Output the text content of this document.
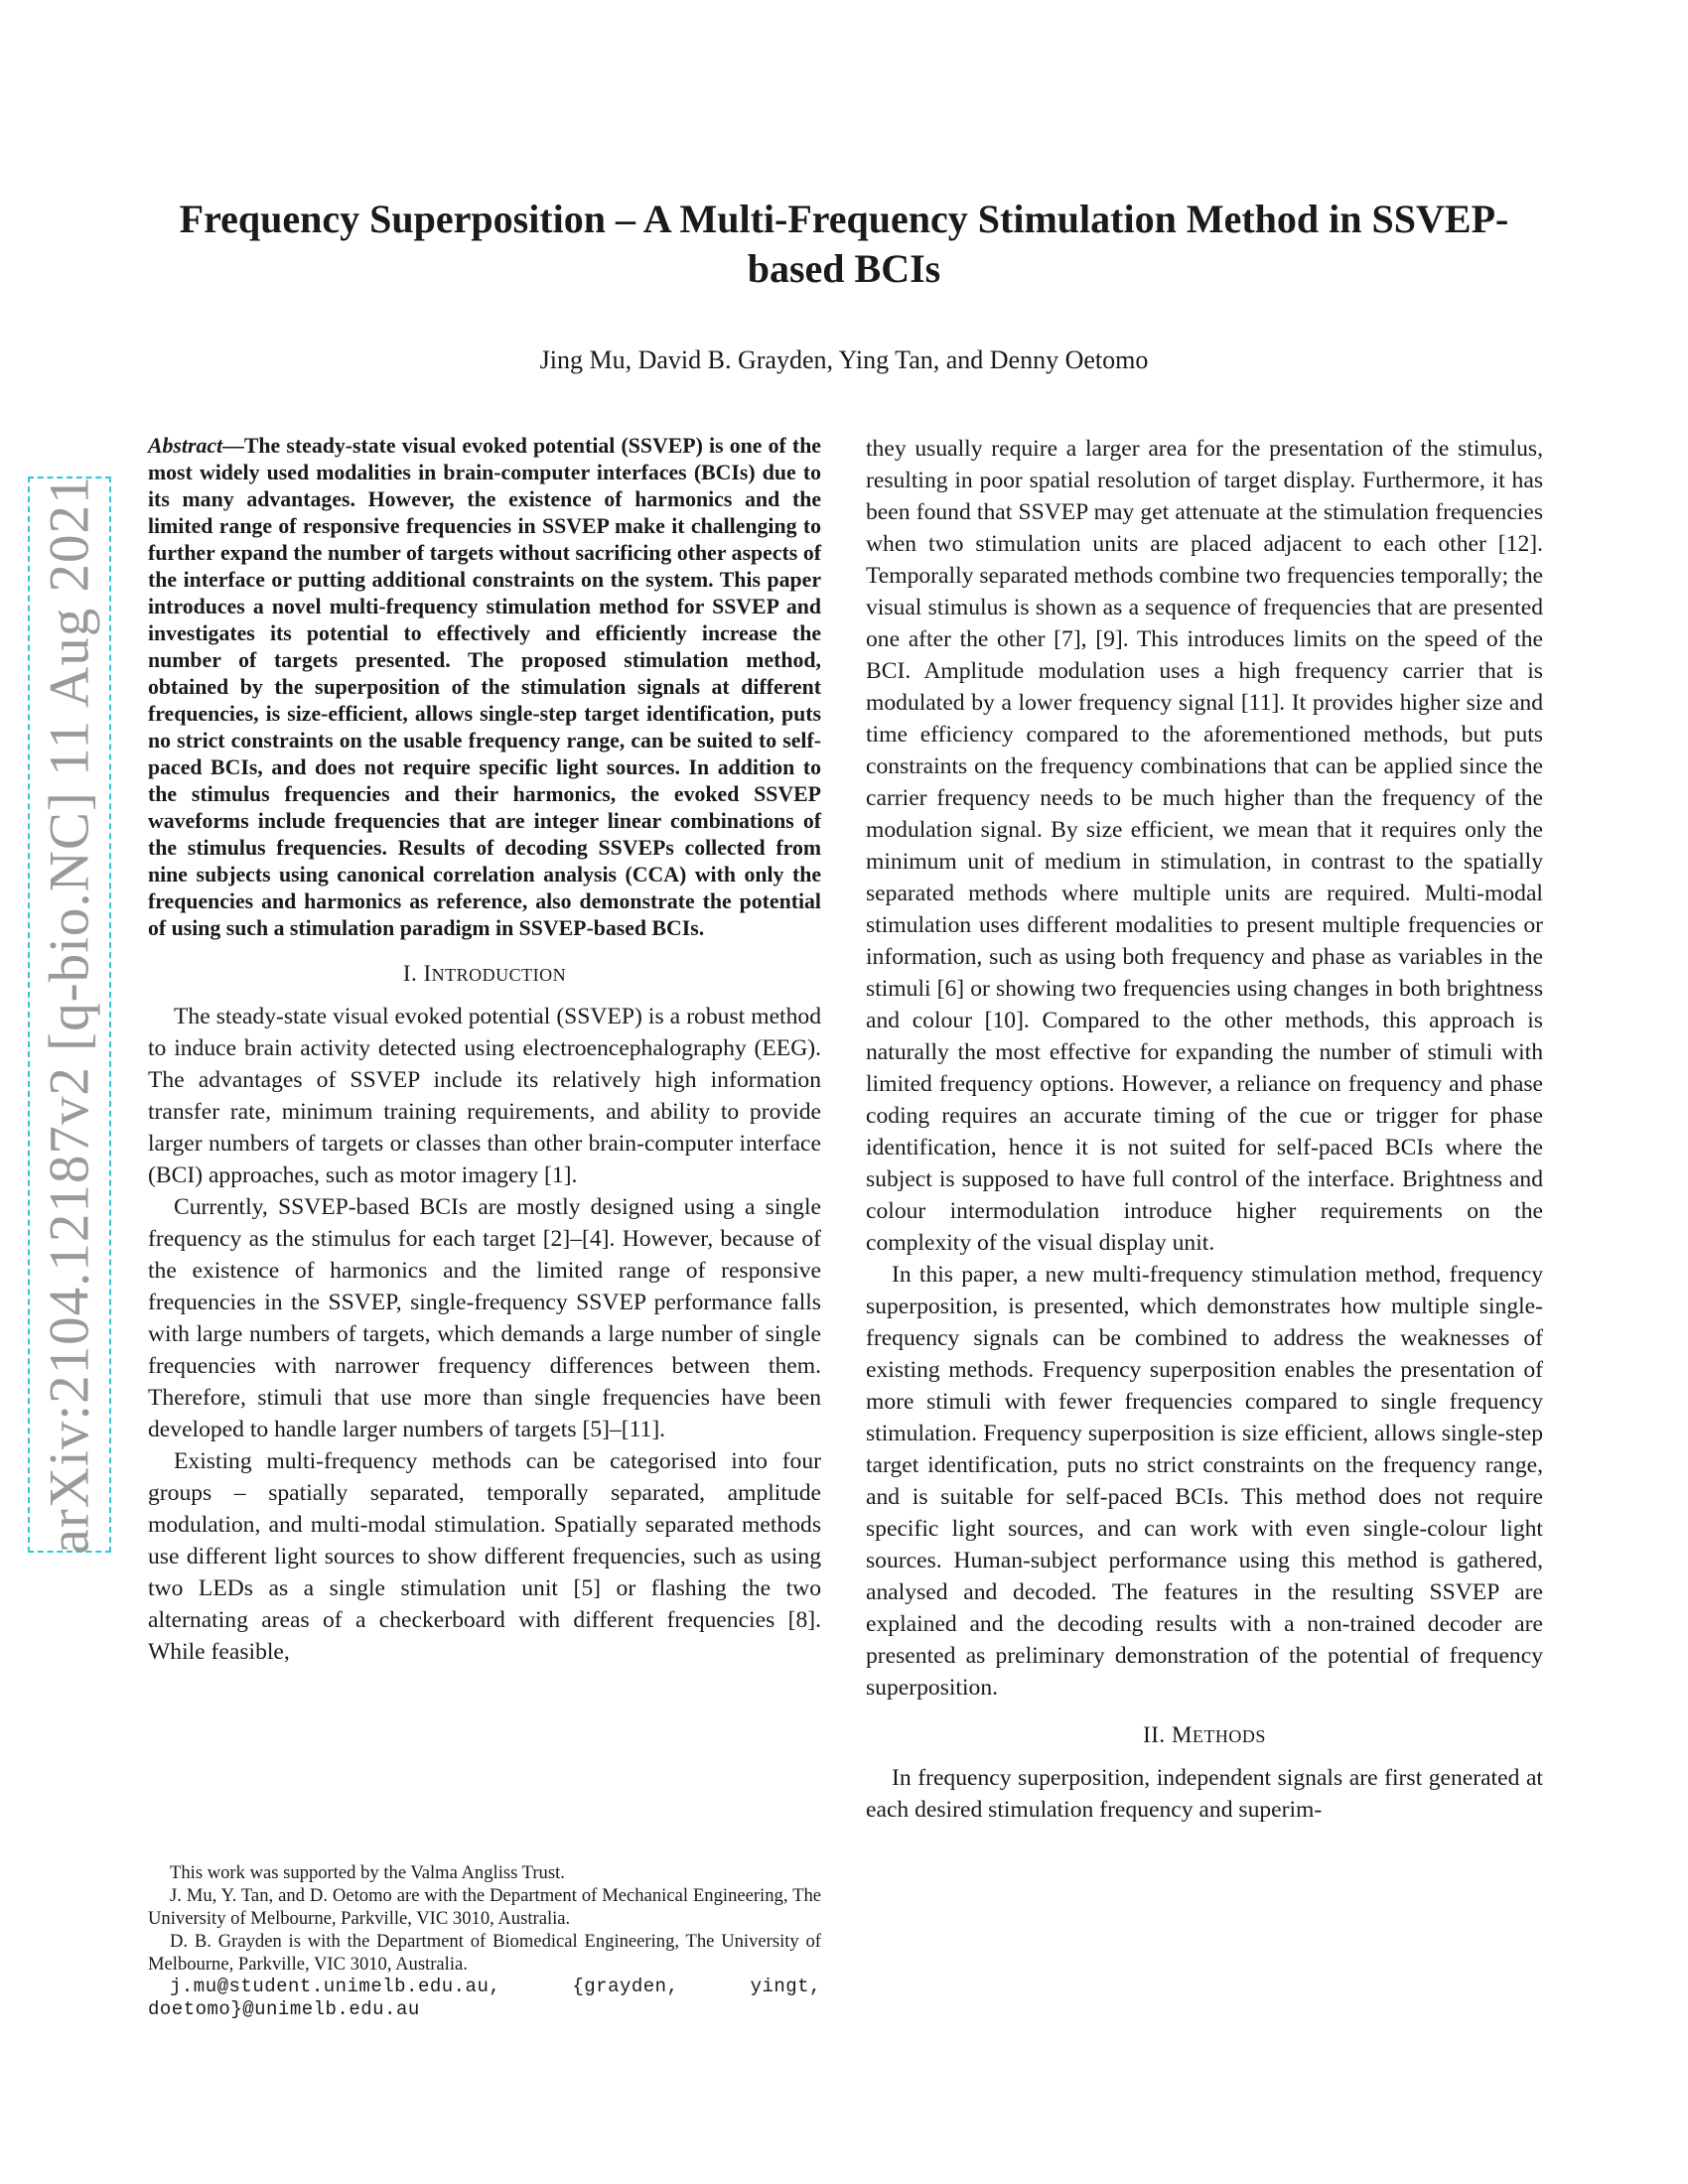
Frequency Superposition – A Multi-Frequency Stimulation Method in SSVEP-based BCIs
Jing Mu, David B. Grayden, Ying Tan, and Denny Oetomo
arXiv:2104.12187v2 [q-bio.NC] 11 Aug 2021

Abstract—The steady-state visual evoked potential (SSVEP) is one of the most widely used modalities in brain-computer interfaces (BCIs) due to its many advantages. However, the existence of harmonics and the limited range of responsive frequencies in SSVEP make it challenging to further expand the number of targets without sacrificing other aspects of the interface or putting additional constraints on the system. This paper introduces a novel multi-frequency stimulation method for SSVEP and investigates its potential to effectively and efficiently increase the number of targets presented. The proposed stimulation method, obtained by the superposition of the stimulation signals at different frequencies, is size-efficient, allows single-step target identification, puts no strict constraints on the usable frequency range, can be suited to self-paced BCIs, and does not require specific light sources. In addition to the stimulus frequencies and their harmonics, the evoked SSVEP waveforms include frequencies that are integer linear combinations of the stimulus frequencies. Results of decoding SSVEPs collected from nine subjects using canonical correlation analysis (CCA) with only the frequencies and harmonics as reference, also demonstrate the potential of using such a stimulation paradigm in SSVEP-based BCIs.

I. INTRODUCTION

The steady-state visual evoked potential (SSVEP) is a robust method to induce brain activity detected using electroencephalography (EEG). The advantages of SSVEP include its relatively high information transfer rate, minimum training requirements, and ability to provide larger numbers of targets or classes than other brain-computer interface (BCI) approaches, such as motor imagery [1].

Currently, SSVEP-based BCIs are mostly designed using a single frequency as the stimulus for each target [2]–[4]. However, because of the existence of harmonics and the limited range of responsive frequencies in the SSVEP, single-frequency SSVEP performance falls with large numbers of targets, which demands a large number of single frequencies with narrower frequency differences between them. Therefore, stimuli that use more than single frequencies have been developed to handle larger numbers of targets [5]–[11].

Existing multi-frequency methods can be categorised into four groups – spatially separated, temporally separated, amplitude modulation, and multi-modal stimulation. Spatially separated methods use different light sources to show different frequencies, such as using two LEDs as a single stimulation unit [5] or flashing the two alternating areas of a checkerboard with different frequencies [8]. While feasible,

they usually require a larger area for the presentation of the stimulus, resulting in poor spatial resolution of target display. Furthermore, it has been found that SSVEP may get attenuate at the stimulation frequencies when two stimulation units are placed adjacent to each other [12]. Temporally separated methods combine two frequencies temporally; the visual stimulus is shown as a sequence of frequencies that are presented one after the other [7], [9]. This introduces limits on the speed of the BCI. Amplitude modulation uses a high frequency carrier that is modulated by a lower frequency signal [11]. It provides higher size and time efficiency compared to the aforementioned methods, but puts constraints on the frequency combinations that can be applied since the carrier frequency needs to be much higher than the frequency of the modulation signal. By size efficient, we mean that it requires only the minimum unit of medium in stimulation, in contrast to the spatially separated methods where multiple units are required. Multi-modal stimulation uses different modalities to present multiple frequencies or information, such as using both frequency and phase as variables in the stimuli [6] or showing two frequencies using changes in both brightness and colour [10]. Compared to the other methods, this approach is naturally the most effective for expanding the number of stimuli with limited frequency options. However, a reliance on frequency and phase coding requires an accurate timing of the cue or trigger for phase identification, hence it is not suited for self-paced BCIs where the subject is supposed to have full control of the interface. Brightness and colour intermodulation introduce higher requirements on the complexity of the visual display unit.

In this paper, a new multi-frequency stimulation method, frequency superposition, is presented, which demonstrates how multiple single-frequency signals can be combined to address the weaknesses of existing methods. Frequency superposition enables the presentation of more stimuli with fewer frequencies compared to single frequency stimulation. Frequency superposition is size efficient, allows single-step target identification, puts no strict constraints on the frequency range, and is suitable for self-paced BCIs. This method does not require specific light sources, and can work with even single-colour light sources. Human-subject performance using this method is gathered, analysed and decoded. The features in the resulting SSVEP are explained and the decoding results with a non-trained decoder are presented as preliminary demonstration of the potential of frequency superposition.

II. METHODS

In frequency superposition, independent signals are first generated at each desired stimulation frequency and superim-

This work was supported by the Valma Angliss Trust.

J. Mu, Y. Tan, and D. Oetomo are with the Department of Mechanical Engineering, The University of Melbourne, Parkville, VIC 3010, Australia.

D. B. Grayden is with the Department of Biomedical Engineering, The University of Melbourne, Parkville, VIC 3010, Australia.

j.mu@student.unimelb.edu.au, {grayden, yingt, doetomo}@unimelb.edu.au
